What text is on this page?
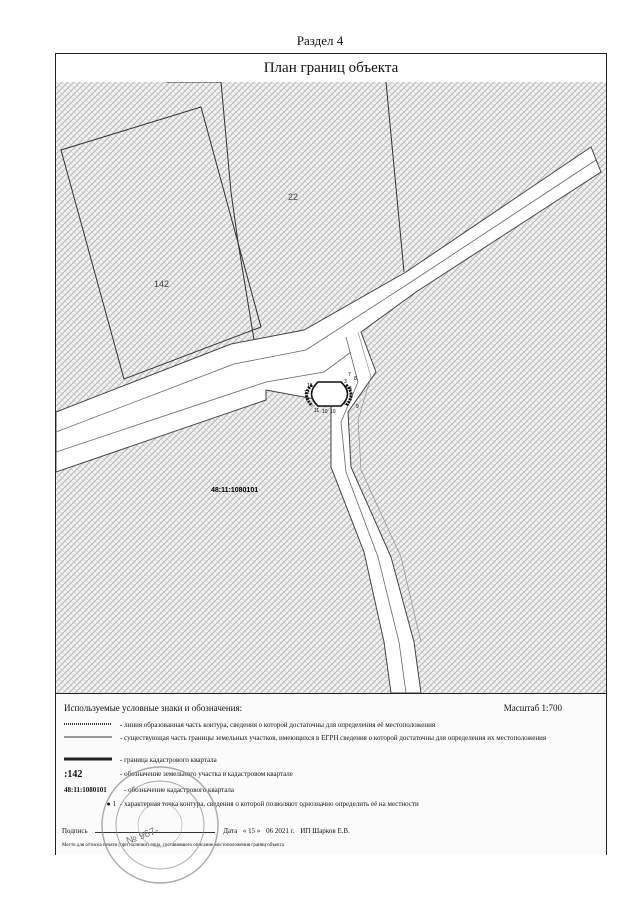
Раздел 4
План границ объекта
13
12
11 10
3
4
5
6
7
8
9
10
22
142
48:11:1080101
Используемые условные знаки и обозначения:	Масштаб 1:700
- линия образованная часть контура, сведения о которой достаточны для определения её местоположения
- существующая часть границы земельных участков, имеющихся в ЕГРН сведения о которой достаточны для определения их местоположения
- граница кадастрового квартала
:142	- обозначение земельного участка в кадастровом квартале
48:11:1080101 - обозначение кадастрового квартала
● 1 - характерная точка контура, сведения о которой позволяют однозначно определить её на местности
Подпись	Дата « 15 » 06 2021 г. ИП Шарков Е.В.
Место для оттиска печати (при наличии) лица, составившего описание местоположения границ объекта
№ 967-
